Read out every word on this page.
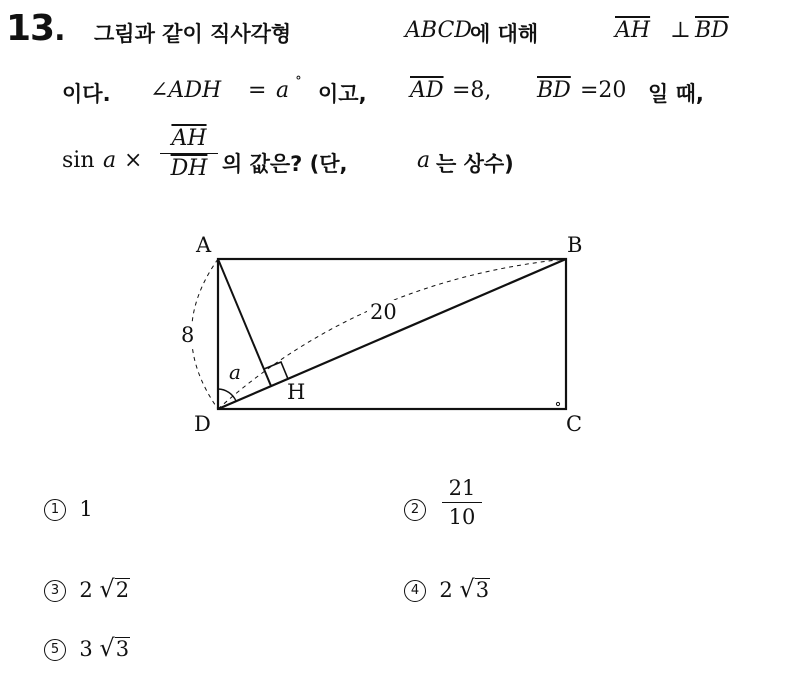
13. 그림과 같이 직사각형	ABCD
에 대해	$\overline{AH}$ ⊥ $\overline{BD}$
이다. ∠ADH = a ∘
이고, $\overline{AD} =8$, $\overline{BD} =20$ 일 때,
$\sin a \times \frac{\overline{AH}}{DH}$ 의 값은? (단,	a 는 상수)
A	B
C
D
H
8
20
a
1 1	2
21
10
3 2 √2	4 2 √3
5 3 √3
